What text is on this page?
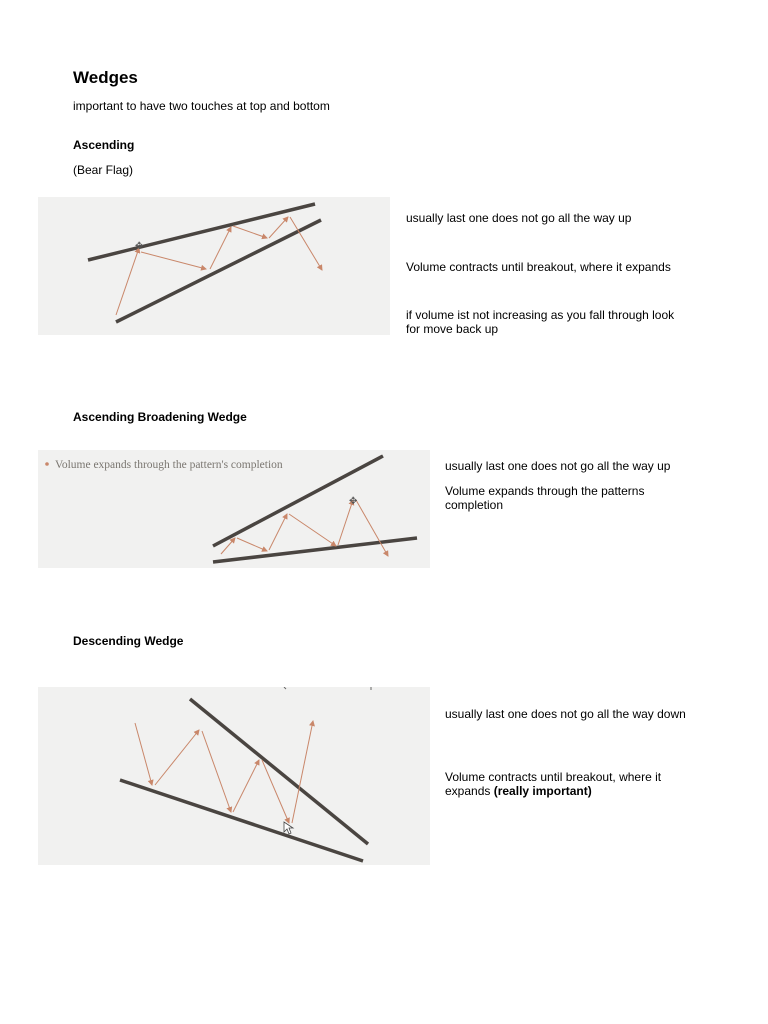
Wedges
important to have two touches at top and bottom
Ascending
(Bear Flag)
✥
usually last one does not go all the way up
Volume contracts until breakout, where it expands
if volume ist not increasing as you fall through look for move back up
Ascending Broadening Wedge
Volume expands through the pattern's completion
✥
usually last one does not go all the way up
Volume expands through the patterns completion
Descending Wedge
usually last one does not go all the way down
Volume contracts until breakout, where it expands (really important)
